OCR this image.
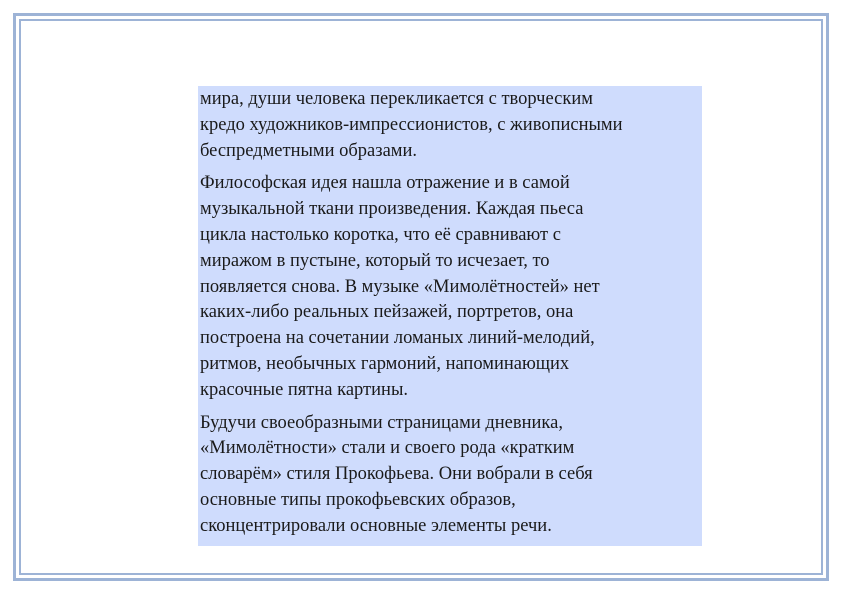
мира, души человека перекликается с творческим
кредо художников-импрессионистов, с живописными
беспредметными образами.

Философская идея нашла отражение и в самой
музыкальной ткани произведения. Каждая пьеса
цикла настолько коротка, что её сравнивают с
миражом в пустыне, который то исчезает, то
появляется снова. В музыке «Мимолётностей» нет
каких-либо реальных пейзажей, портретов, она
построена на сочетании ломаных линий-мелодий,
ритмов, необычных гармоний, напоминающих
красочные пятна картины.

Будучи своеобразными страницами дневника,
«Мимолётности» стали и своего рода «кратким
словарём» стиля Прокофьева. Они вобрали в себя
основные типы прокофьевских образов,
сконцентрировали основные элементы речи.
